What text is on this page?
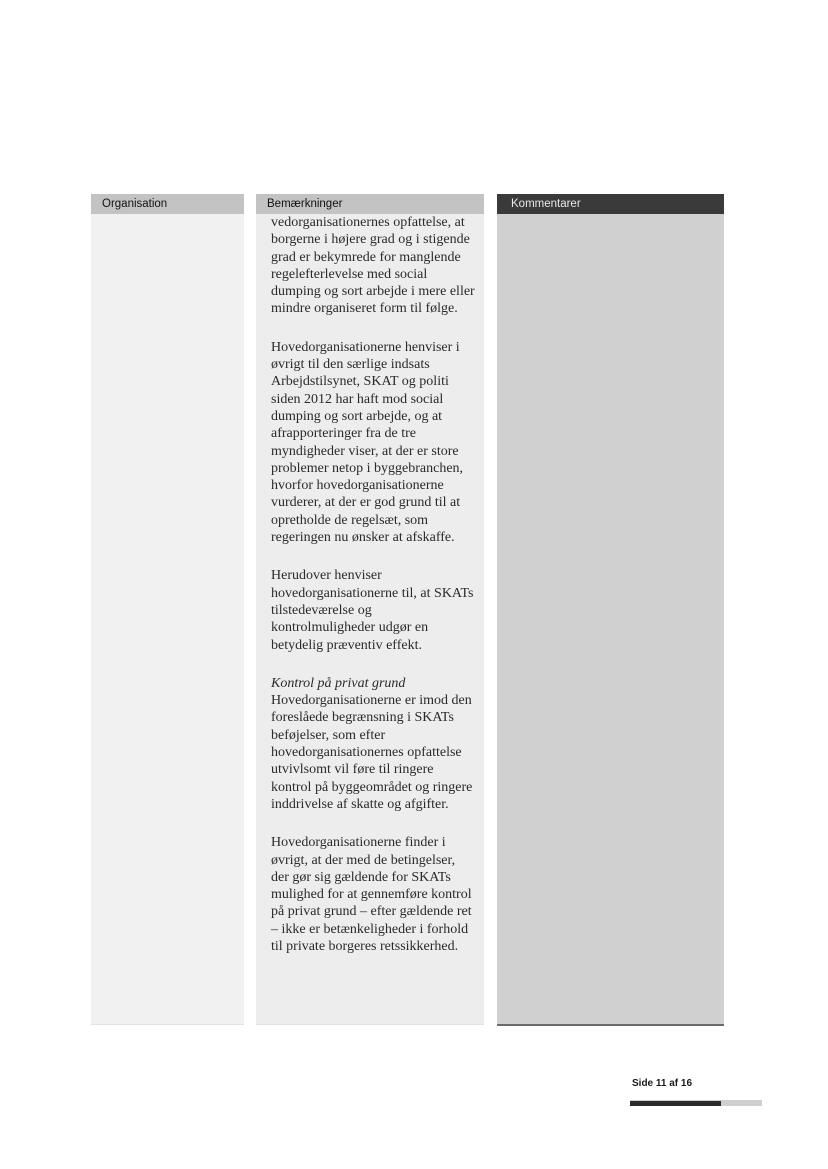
Organisation	Bemærkninger

vedorganisationernes opfattelse, at borgerne i højere grad og i stigende grad er bekymrede for manglende regelefterlevelse med social dumping og sort arbejde i mere eller mindre organiseret form til følge.

Hovedorganisationerne henviser i øvrigt til den særlige indsats Arbejdstilsynet, SKAT og politi siden 2012 har haft mod social dumping og sort arbejde, og at afrapporteringer fra de tre myndigheder viser, at der er store problemer netop i byggebranchen, hvorfor hovedorganisationerne vurderer, at der er god grund til at opretholde de regelsæt, som regeringen nu ønsker at afskaffe.

Herudover henviser hovedorganisationerne til, at SKATs tilstedeværelse og kontrolmuligheder udgør en betydelig præventiv effekt.

Kontrol på privat grund
Hovedorganisationerne er imod den foreslåede begrænsning i SKATs beføjelser, som efter hovedorganisationernes opfattelse utvivlsomt vil føre til ringere kontrol på byggeområdet og ringere inddrivelse af skatte og afgifter.

Hovedorganisationerne finder i øvrigt, at der med de betingelser, der gør sig gældende for SKATs mulighed for at gennemføre kontrol på privat grund – efter gældende ret – ikke er betænkeligheder i forhold til private borgeres retssikkerhed.

Kommentarer
Side 11 af 16
